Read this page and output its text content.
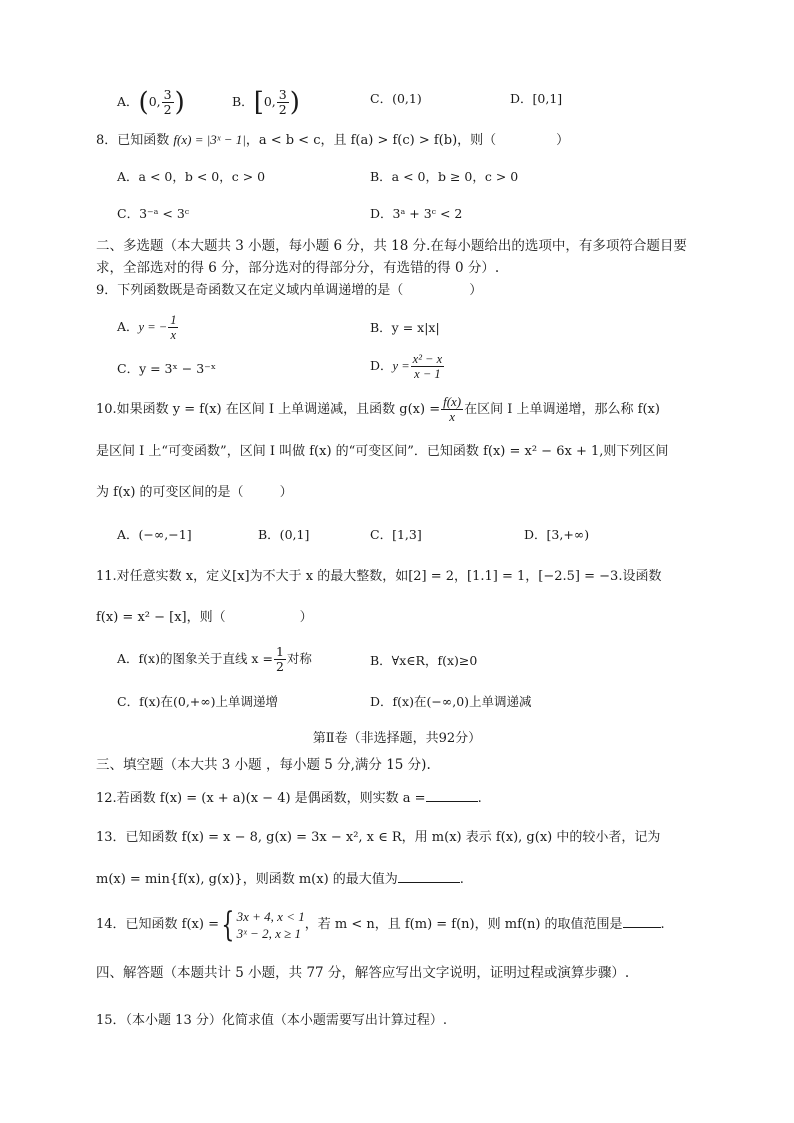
A．(0, $\frac{3}{2}$ )	B．[0, $\frac{3}{2}$ )	C．(0,1)	D．[0,1]
8．已知函数 f(x) = |3ˣ − 1|，a < b < c，且 f(a) > f(c) > f(b)，则（	）
A．a < 0，b < 0，c > 0	B．a < 0，b ≥ 0，c > 0
C．3⁻ᵃ < 3ᶜ	D．3ᵃ + 3ᶜ < 2
二、多选题（本大题共 3 小题，每小题 6 分，共 18 分.在每小题给出的选项中，有多项符合题目要
求，全部选对的得 6 分，部分选对的得部分分，有选错的得 0 分）.
9．下列函数既是奇函数又在定义域内单调递增的是（	）
A．y = − $\frac{1}{x}$	B．y = x|x|
C．y = 3ˣ − 3⁻ˣ	D．$y = \frac{\text{x² − x}}{x - 1}$
10.如果函数 y = f(x) 在区间 I 上单调递减，且函数 $g(x) = \frac{f(x)}{x}$ 在区间 I 上单调递增，那么称 f(x)
是区间 I 上“可变函数”，区间 I 叫做 f(x) 的“可变区间”．已知函数 f(x) = x² − 6x + 1,则下列区间
为 f(x) 的可变区间的是（	）
A．(−∞,−1]	B．(0,1]	C．[1,3]	D．[3,+∞)
11.对任意实数 x，定义[x]为不大于 x 的最大整数，如[2] = 2，[1.1] = 1，[−2.5] = −3.设函数
f(x) = x² − [x]，则（	）
A．f(x)的图象关于直线 $x = \frac{1}{2}$ 对称	B．∀x∈R，f(x)≥0
C．f(x)在(0,+∞)上单调递增	D．f(x)在(−∞,0)上单调递减
第Ⅱ卷（非选择题，共92分）
三、填空题（本大共 3 小题 ，每小题 5 分,满分 15 分).
12.若函数 f(x) = (x + a)(x − 4) 是偶函数，则实数 a =	.
13．已知函数 f(x) = x − 8, g(x) = 3x − x², x ∈ R，用 m(x) 表示 f(x), g(x) 中的较小者，记为
m(x) = min{f(x), g(x)}，则函数 m(x) 的最大值为	.
14．已知函数 f(x) ={ 3x + 4, x < 1
3ˣ − 2, x ≥ 1
，若 m < n，且 f(m) = f(n)，则 mf(n) 的取值范围是	.
四、解答题（本题共计 5 小题，共 77 分，解答应写出文字说明，证明过程或演算步骤）.
15．（本小题 13 分）化简求值（本小题需要写出计算过程）.
